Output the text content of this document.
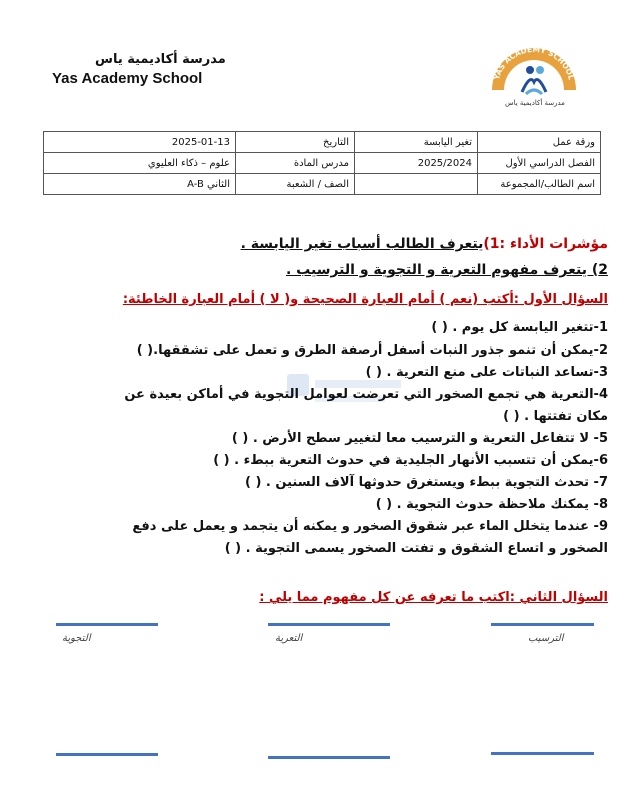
مدرسة أكاديمية ياس
Yas Academy School	YAS ACADEMY SCHOOL
مدرسة أكاديمية ياس
ورقة عمل	تغير اليابسة	التاريخ	2025-01-13
الفصل الدراسي الأول	2025/2024	مدرس المادة	علوم – ذكاء العليوي
اسم الطالب/المجموعة		الصف / الشعبة	الثاني A-B
مؤشرات الأداء :1)يتعرف الطالب أسباب تغير اليابسة .
2) يتعرف مفهوم التعرية و التجوية و الترسيب .
السؤال الأول :أكتب (نعم ) أمام العبارة الصحيحة و( لا ) أمام العبارة الخاطئة:
1-تتغير اليابسة كل يوم . ( )
2-يمكن أن تنمو جذور النبات أسفل أرصفة الطرق و تعمل على تشققها.( )
3-تساعد النباتات على منع التعرية . ( )
4-التعرية هي تجمع الصخور التي تعرضت لعوامل التجوية في أماكن بعيدة عن
مكان تفتتها . ( )
5- لا تتفاعل التعرية و الترسيب معا لتغيير سطح الأرض . ( )
6-يمكن أن تتسبب الأنهار الجليدية في حدوث التعرية ببطء . ( )
7- تحدث التجوية ببطء ويستغرق حدوثها آلاف السنين . ( )
8- يمكنك ملاحظة حدوث التجوية . ( )
9- عندما يتخلل الماء عبر شقوق الصخور و يمكنه أن يتجمد و يعمل على دفع
الصخور و اتساع الشقوق و تفتت الصخور يسمى التجوية . ( )
السؤال الثاني :اكتب ما تعرفه عن كل مفهوم مما يلي :
الترسيب
التعرية
التجوية
